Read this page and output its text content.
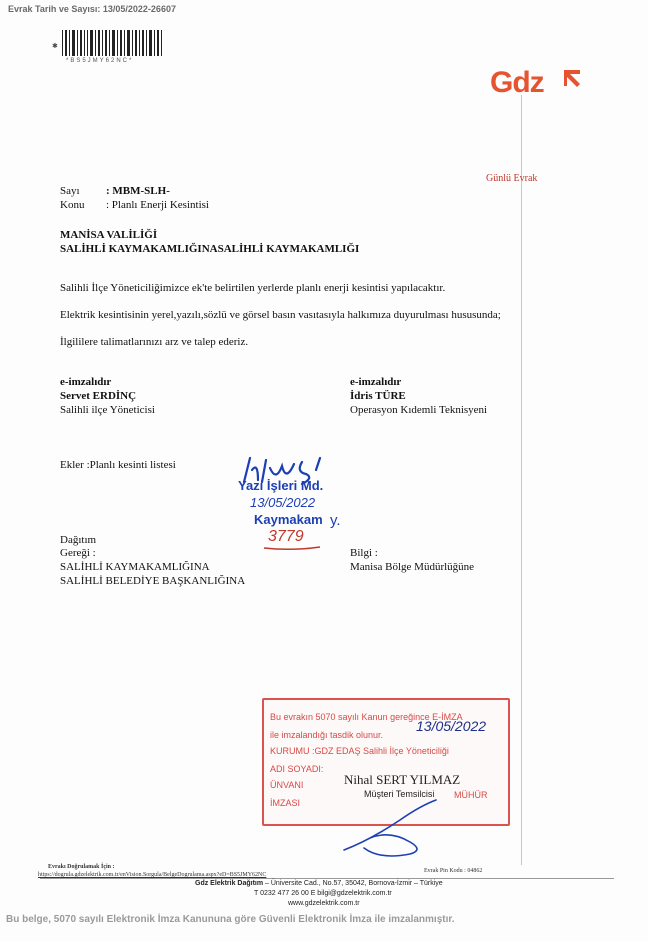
Evrak Tarih ve Sayısı: 13/05/2022-26607
*BS5JMY62NC*
✱
Gdz
Günlü Evrak
Sayı : MBM-SLH-
Konu : Planlı Enerji Kesintisi
MANİSA VALİLİĞİ
SALİHLİ KAYMAKAMLIĞINASALİHLİ KAYMAKAMLIĞI
Salihli İlçe Yöneticiliğimizce ek'te belirtilen yerlerde planlı enerji kesintisi yapılacaktır.
Elektrik kesintisinin yerel,yazılı,sözlü ve görsel basın vasıtasıyla halkımıza duyurulması hususunda;
İlgililere talimatlarınızı arz ve talep ederiz.
e-imzalıdır
Servet ERDİNÇ
Salihli ilçe Yöneticisi
e-imzalıdır
İdris TÜRE
Operasyon Kıdemli Teknisyeni
Ekler :Planlı kesinti listesi
Yazı İşleri Md.
13/05/2022
Kaymakam y.
3779
Dağıtım
Gereği :
SALİHLİ KAYMAKAMLIĞINA
SALİHLİ BELEDİYE BAŞKANLIĞINA
Bilgi :
Manisa Bölge Müdürlüğüne
Bu evrakın 5070 sayılı Kanun gereğince E-İMZA
ile imzalandığı tasdik olunur.
13/05/2022
KURUMU :GDZ EDAŞ Salihli İlçe Yöneticiliği
ADI SOYADI:
ÜNVANI
İMZASI
MÜHÜR
Nihal SERT YILMAZ
Müşteri Temsilcisi
Evrakı Doğrulamak İçin :
https://dogrula.gdzelektrik.com.tr/enVision.Sorgula/BelgeDogrulama.aspx?eD=BS5JMY62NC
Evrak Pin Kodu : 04862
Gdz Elektrik Dağıtım – Üniversite Cad., No.57, 35042, Bornova-İzmir – Türkiye
T 0232 477 26 00 E bilgi@gdzelektrik.com.tr
www.gdzelektrik.com.tr
Bu belge, 5070 sayılı Elektronik İmza Kanununa göre Güvenli Elektronik İmza ile imzalanmıştır.
